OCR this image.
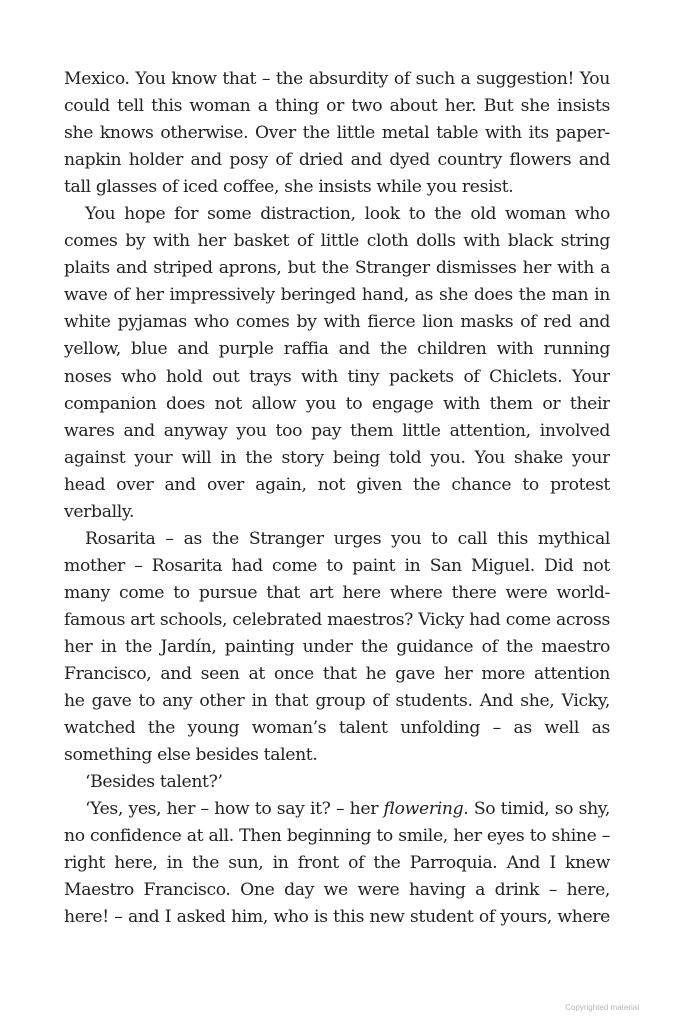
Mexico. You know that – the absurdity of such a suggestion! You
could tell this woman a thing or two about her. But she insists
she knows otherwise. Over the little metal table with its paper-
napkin holder and posy of dried and dyed country flowers and
tall glasses of iced coffee, she insists while you resist.
You hope for some distraction, look to the old woman who
comes by with her basket of little cloth dolls with black string
plaits and striped aprons, but the Stranger dismisses her with a
wave of her impressively beringed hand, as she does the man in
white pyjamas who comes by with fierce lion masks of red and
yellow, blue and purple raffia and the children with running
noses who hold out trays with tiny packets of Chiclets. Your
companion does not allow you to engage with them or their
wares and anyway you too pay them little attention, involved
against your will in the story being told you. You shake your
head over and over again, not given the chance to protest
verbally.
Rosarita – as the Stranger urges you to call this mythical
mother – Rosarita had come to paint in San Miguel. Did not
many come to pursue that art here where there were world-
famous art schools, celebrated maestros? Vicky had come across
her in the Jardín, painting under the guidance of the maestro
Francisco, and seen at once that he gave her more attention
he gave to any other in that group of students. And she, Vicky,
watched the young woman’s talent unfolding – as well as
something else besides talent.
‘Besides talent?’
‘Yes, yes, her – how to say it? – her flowering. So timid, so shy,
no confidence at all. Then beginning to smile, her eyes to shine –
right here, in the sun, in front of the Parroquia. And I knew
Maestro Francisco. One day we were having a drink – here,
here! – and I asked him, who is this new student of yours, where
Copyrighted material
